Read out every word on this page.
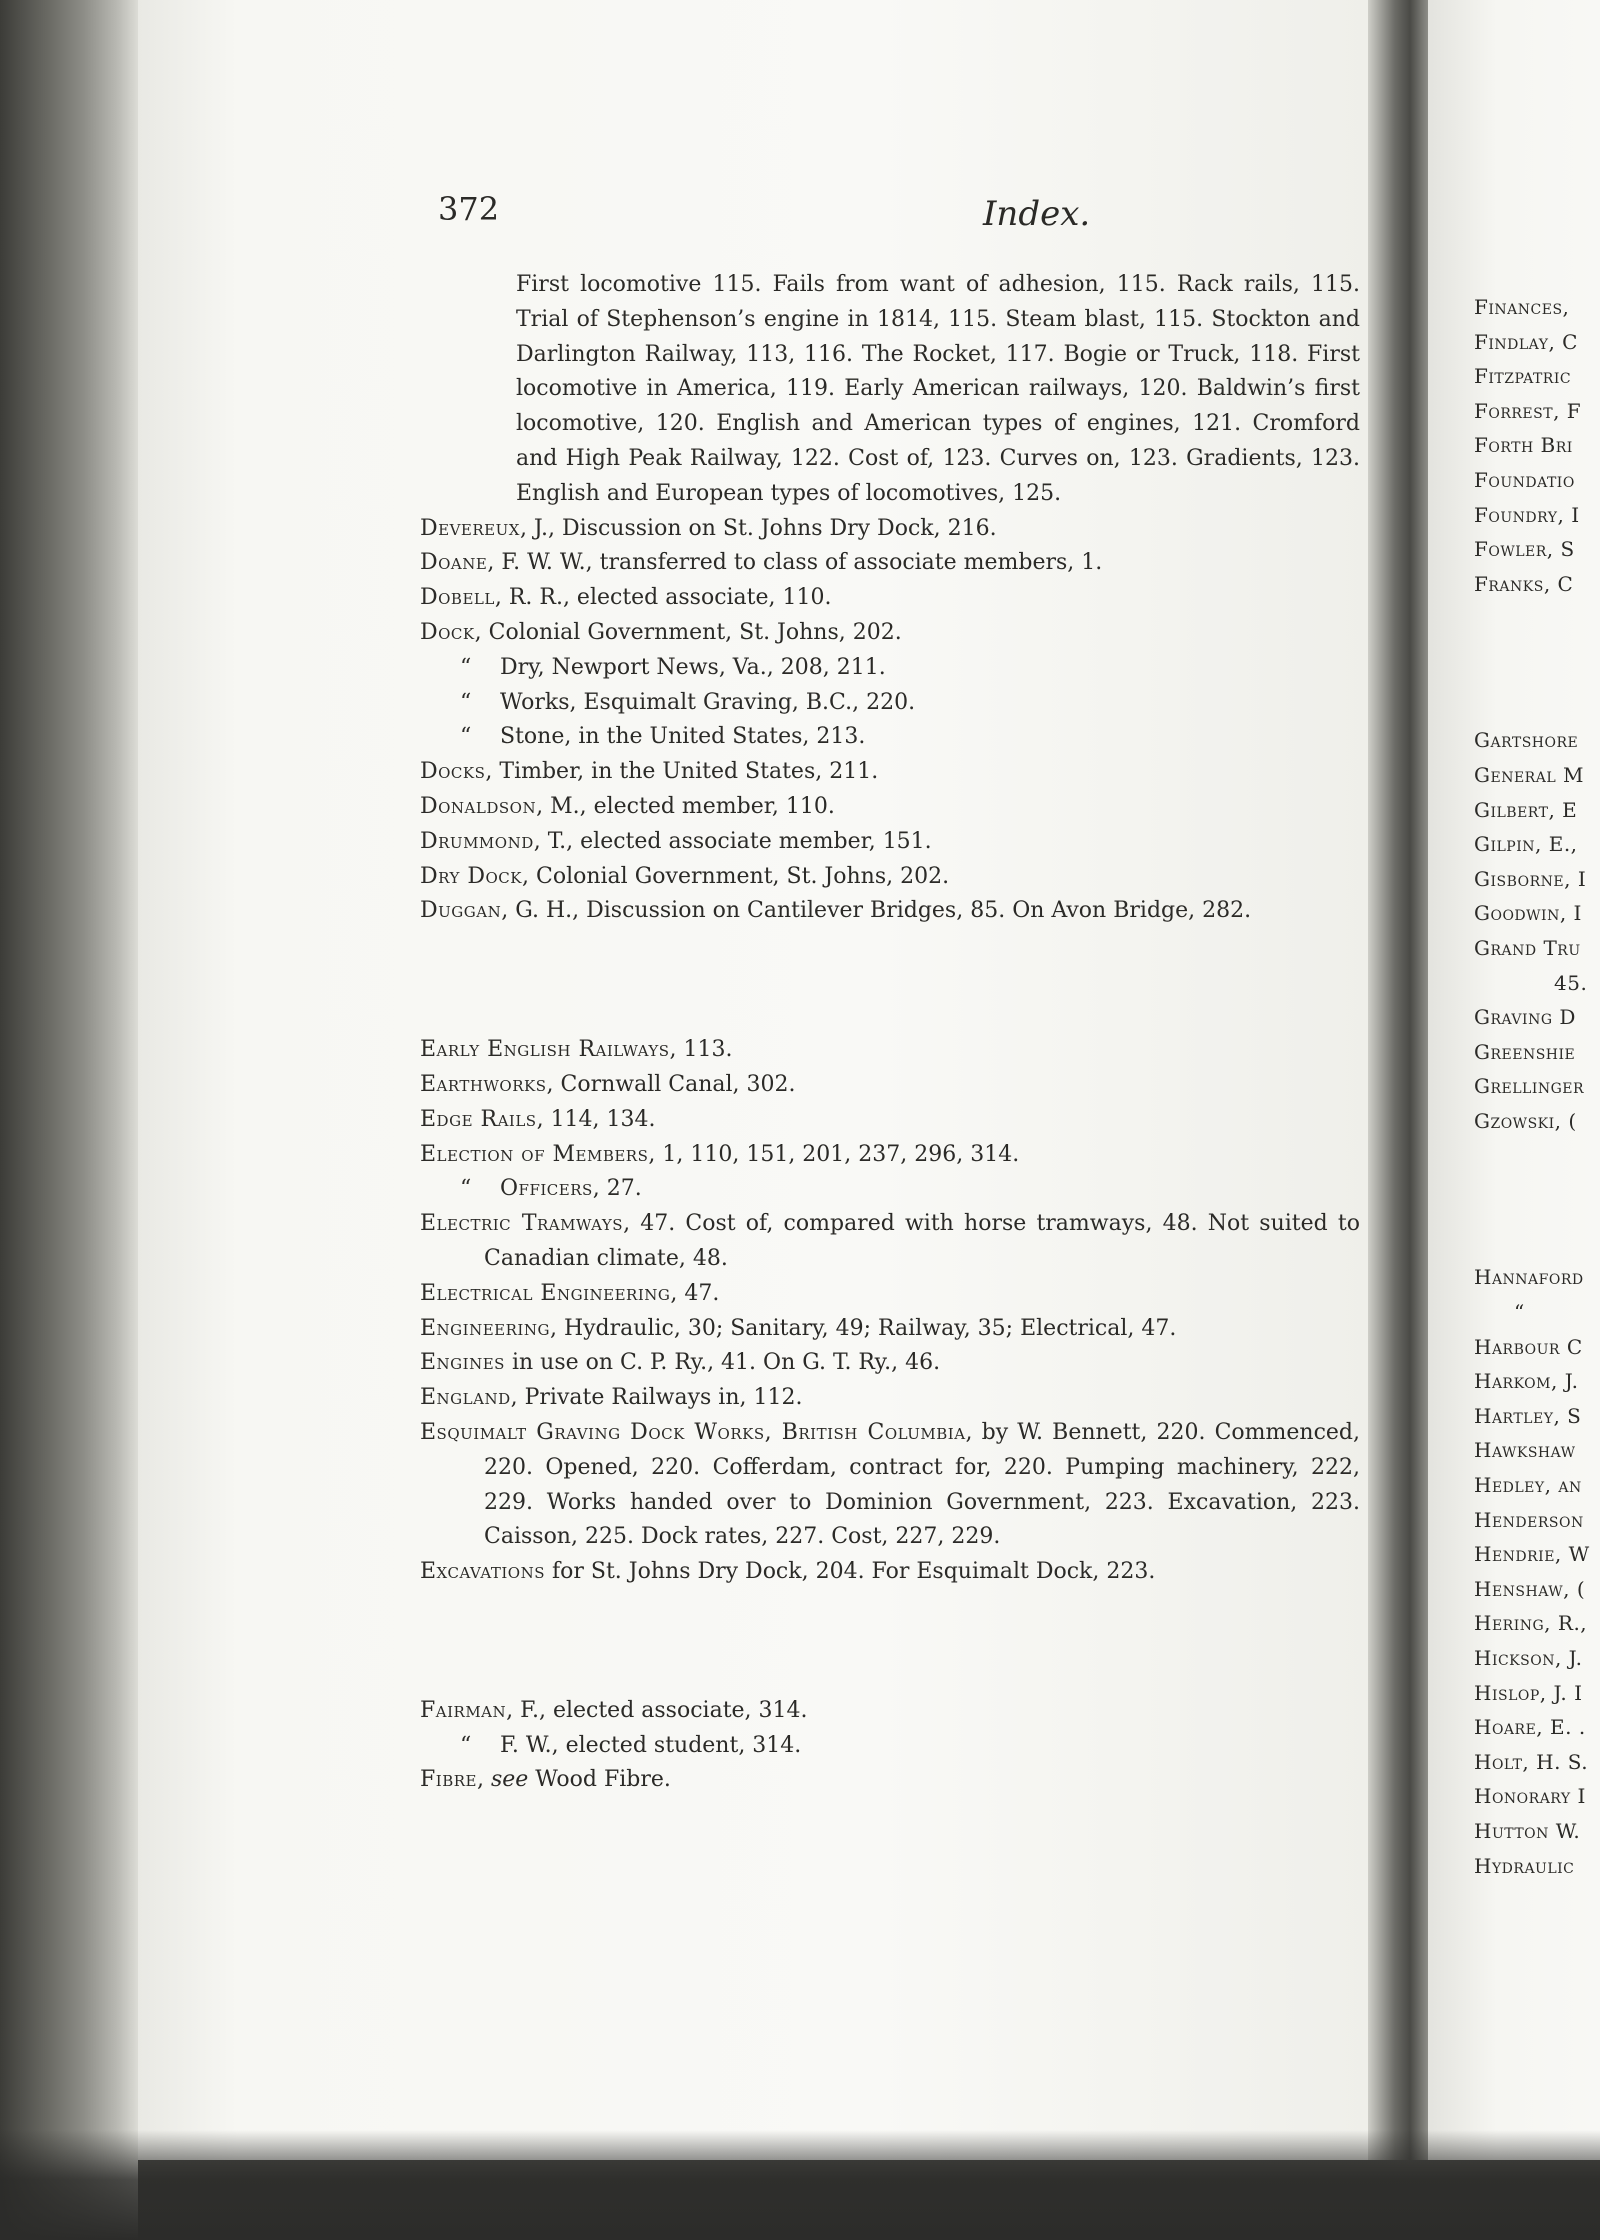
372	Index.

First locomotive 115. Fails from want of adhesion, 115. Rack rails, 115. Trial of Stephenson’s engine in 1814, 115. Steam blast, 115. Stockton and Darlington Railway, 113, 116. The Rocket, 117. Bogie or Truck, 118. First locomotive in America, 119. Early American railways, 120. Baldwin’s first locomotive, 120. English and American types of engines, 121. Cromford and High Peak Railway, 122. Cost of, 123. Curves on, 123. Gradients, 123. English and European types of locomotives, 125.

Devereux, J., Discussion on St. Johns Dry Dock, 216.

Doane, F. W. W., transferred to class of associate members, 1.

Dobell, R. R., elected associate, 110.

Dock, Colonial Government, St. Johns, 202.

“ Dry, Newport News, Va., 208, 211.

“ Works, Esquimalt Graving, B.C., 220.

“ Stone, in the United States, 213.

Docks, Timber, in the United States, 211.

Donaldson, M., elected member, 110.

Drummond, T., elected associate member, 151.

Dry Dock, Colonial Government, St. Johns, 202.

Duggan, G. H., Discussion on Cantilever Bridges, 85. On Avon Bridge, 282.

Early English Railways, 113.

Earthworks, Cornwall Canal, 302.

Edge Rails, 114, 134.

Election of Members, 1, 110, 151, 201, 237, 296, 314.

“ Officers, 27.

Electric Tramways, 47. Cost of, compared with horse tramways, 48. Not suited to Canadian climate, 48.

Electrical Engineering, 47.

Engineering, Hydraulic, 30; Sanitary, 49; Railway, 35; Electrical, 47.

Engines in use on C. P. Ry., 41. On G. T. Ry., 46.

England, Private Railways in, 112.

Esquimalt Graving Dock Works, British Columbia, by W. Bennett, 220. Commenced, 220. Opened, 220. Cofferdam, contract for, 220. Pumping machinery, 222, 229. Works handed over to Dominion Government, 223. Excavation, 223. Caisson, 225. Dock rates, 227. Cost, 227, 229.

Excavations for St. Johns Dry Dock, 204. For Esquimalt Dock, 223.

Fairman, F., elected associate, 314.

“ F. W., elected student, 314.

Fibre, see Wood Fibre.

Finances,
Findlay, C
Fitzpatric
Forrest, F
Forth Bri
Foundatio
Foundry, I
Fowler, S
Franks, C
Gartshore
General M
Gilbert, E
Gilpin, E.,
Gisborne, I
Goodwin, I
Grand Tru
45.
Graving D
Greenshie
Grellinger
Gzowski, (
Hannaford
“
Harbour C
Harkom, J.
Hartley, S
Hawkshaw
Hedley, an
Henderson
Hendrie, W
Henshaw, (
Hering, R.,
Hickson, J.
Hislop, J. I
Hoare, E. .
Holt, H. S.
Honorary I
Hutton W.
Hydraulic
